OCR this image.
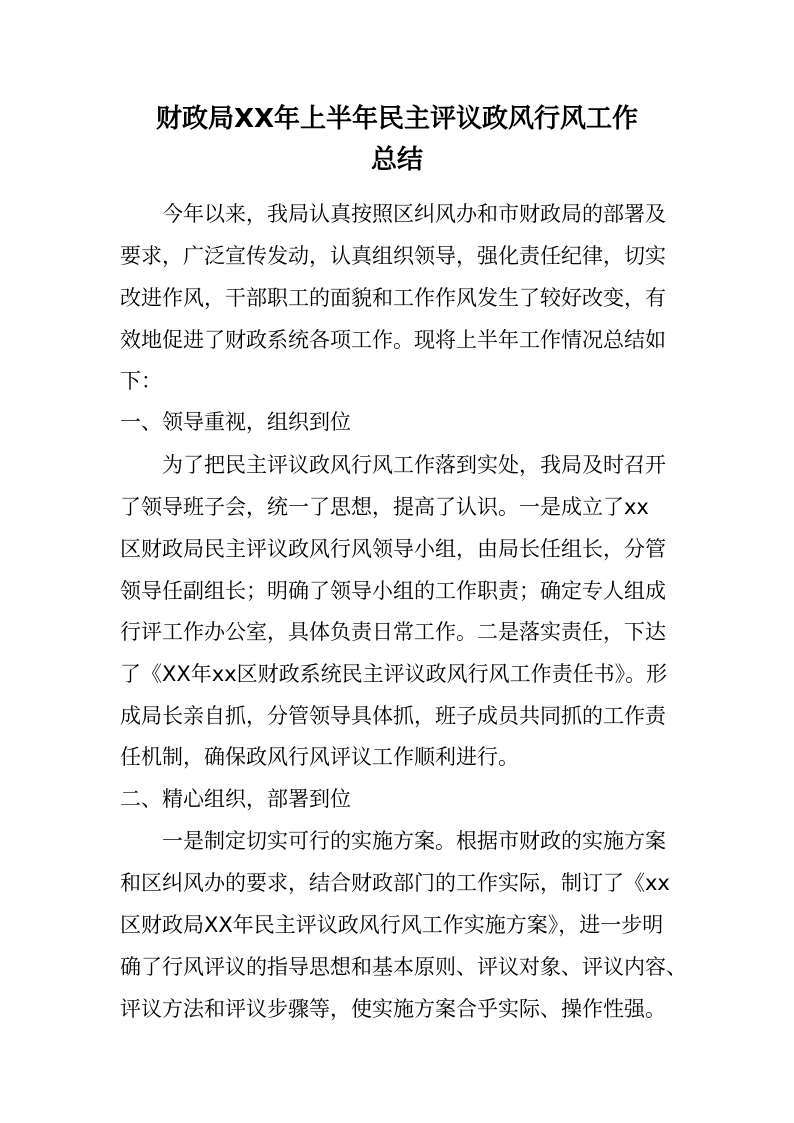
财政局XX年上半年民主评议政风行风工作
总结

今年以来，我局认真按照区纠风办和市财政局的部署及

要求，广泛宣传发动，认真组织领导，强化责任纪律，切实

改进作风，干部职工的面貌和工作作风发生了较好改变，有

效地促进了财政系统各项工作。现将上半年工作情况总结如

下：

一、领导重视，组织到位

为了把民主评议政风行风工作落到实处，我局及时召开

了领导班子会，统一了思想，提高了认识。一是成立了xx

区财政局民主评议政风行风领导小组，由局长任组长，分管

领导任副组长；明确了领导小组的工作职责；确定专人组成

行评工作办公室，具体负责日常工作。二是落实责任，下达

了《XX年xx区财政系统民主评议政风行风工作责任书》。形

成局长亲自抓，分管领导具体抓，班子成员共同抓的工作责

任机制，确保政风行风评议工作顺利进行。

二、精心组织，部署到位

一是制定切实可行的实施方案。根据市财政的实施方案

和区纠风办的要求，结合财政部门的工作实际，制订了《xx

区财政局XX年民主评议政风行风工作实施方案》，进一步明

确了行风评议的指导思想和基本原则、评议对象、评议内容、

评议方法和评议步骤等，使实施方案合乎实际、操作性强。
